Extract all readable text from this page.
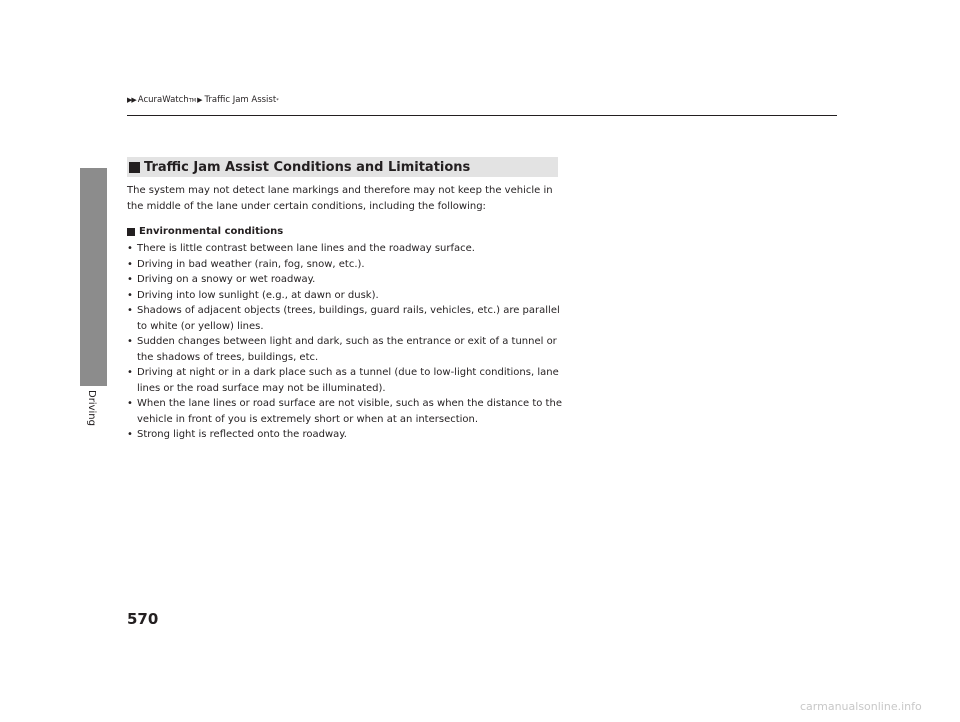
▶▶ AcuraWatch TM ▶ Traffic Jam Assist *
Driving
Traffic Jam Assist Conditions and Limitations
The system may not detect lane markings and therefore may not keep the vehicle in the middle of the lane under certain conditions, including the following:
Environmental conditions
• There is little contrast between lane lines and the roadway surface.
• Driving in bad weather (rain, fog, snow, etc.).
• Driving on a snowy or wet roadway.
• Driving into low sunlight (e.g., at dawn or dusk).
• Shadows of adjacent objects (trees, buildings, guard rails, vehicles, etc.) are parallel to white (or yellow) lines.
• Sudden changes between light and dark, such as the entrance or exit of a tunnel or the shadows of trees, buildings, etc.
• Driving at night or in a dark place such as a tunnel (due to low-light conditions, lane lines or the road surface may not be illuminated).
• When the lane lines or road surface are not visible, such as when the distance to the vehicle in front of you is extremely short or when at an intersection.
• Strong light is reflected onto the roadway.
570
carmanualsonline.info
